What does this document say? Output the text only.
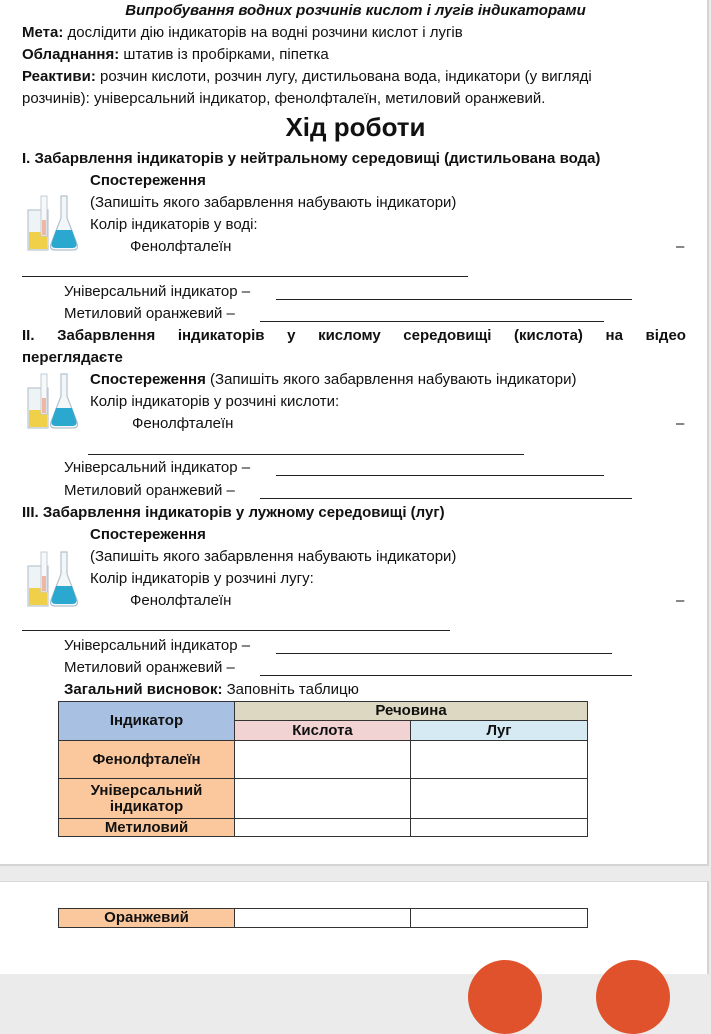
Випробування водних розчинів кислот і лугів індикаторами
Мета: дослідити дію індикаторів на водні розчини кислот і лугів
Обладнання: штатив із пробірками, піпетка
Реактиви: розчин кислоти, розчин лугу, дистильована вода, індикатори (у вигляді
розчинів): універсальний індикатор, фенолфталеїн, метиловий оранжевий.
Хід роботи
І. Забарвлення індикаторів у нейтральному середовищі (дистильована вода)
Спостереження
(Запишіть якого забарвлення набувають індикатори)
Колір індикаторів у воді:
Фенолфталеїн	–
Універсальний індикатор –
Метиловий оранжевий –
ІІ. Забарвлення індикаторів у кислому середовищі (кислота) на відео
переглядаєте
Спостереження (Запишіть якого забарвлення набувають індикатори)
Колір індикаторів у розчині кислоти:
Фенолфталеїн	–
Універсальний індикатор –
Метиловий оранжевий –
ІІІ. Забарвлення індикаторів у лужному середовищі (луг)
Спостереження
(Запишіть якого забарвлення набувають індикатори)
Колір індикаторів у розчині лугу:
Фенолфталеїн	–
Універсальний індикатор –
Метиловий оранжевий –
Загальний висновок: Заповніть таблицю
Індикатор	Речовина	
	Кислота	Луг
Фенолфталеїн		
Універсальний індикатор		
Метиловий		
Оранжевий		
